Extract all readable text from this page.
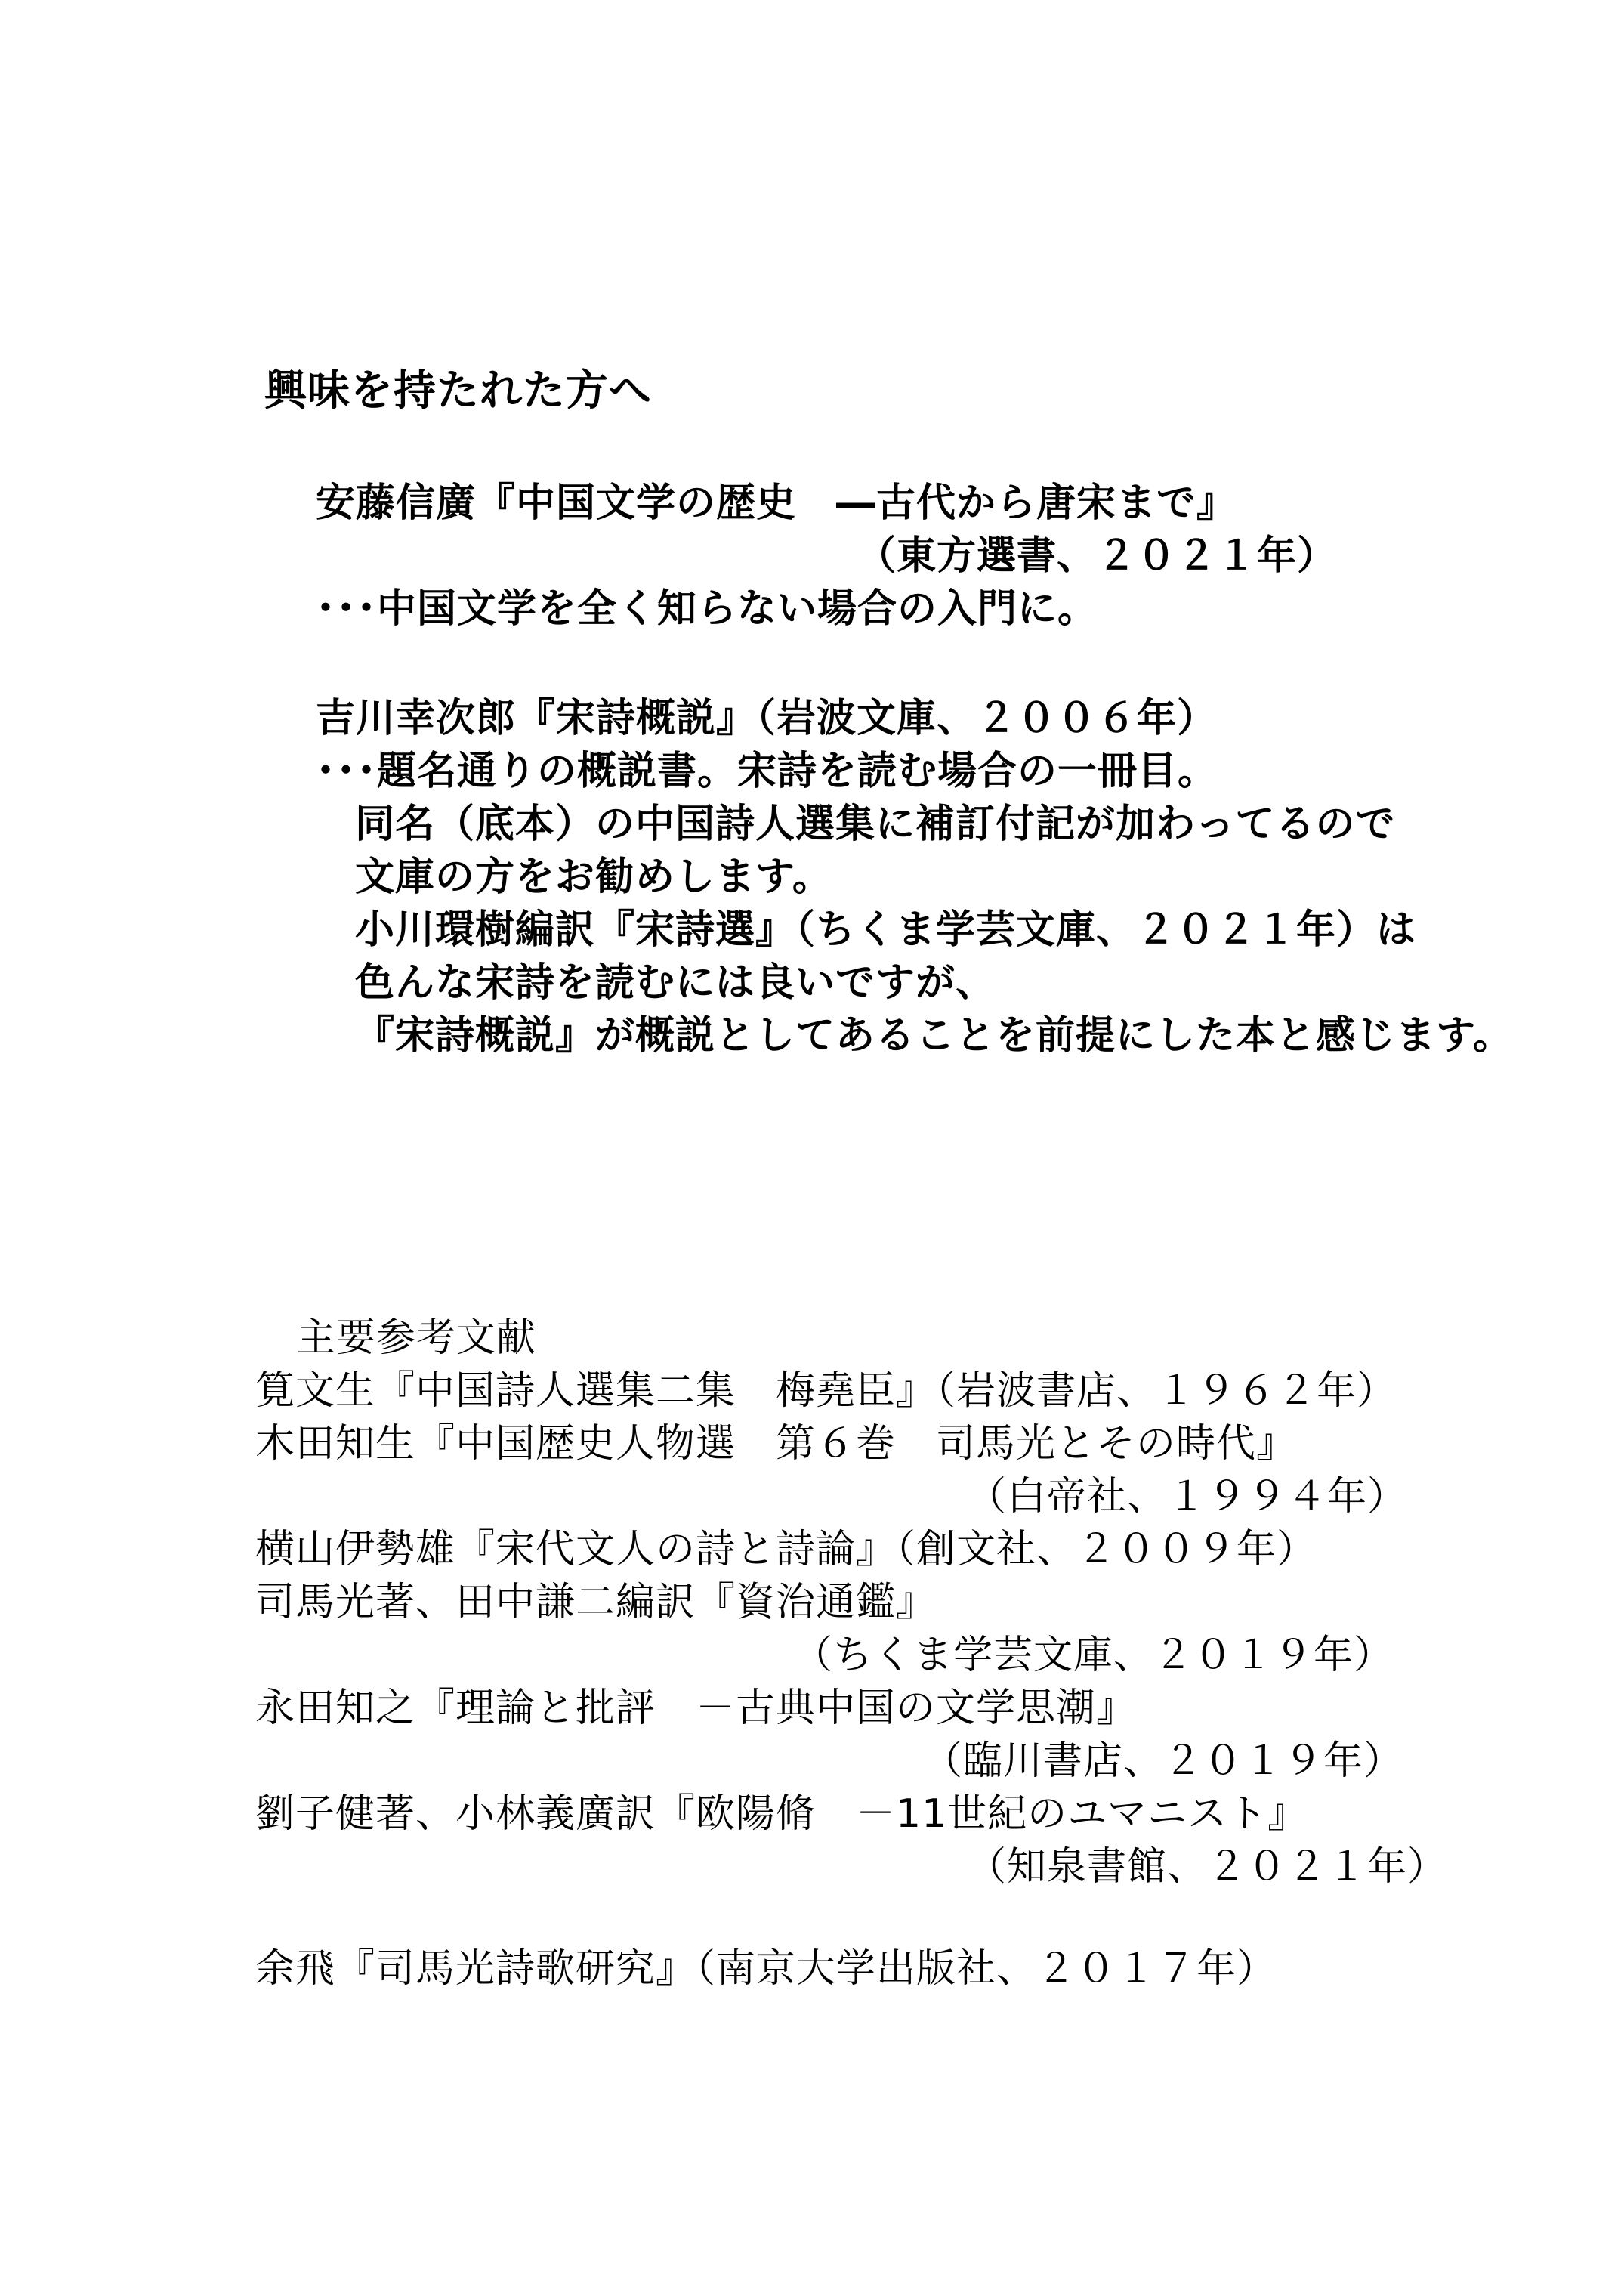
興味を持たれた方へ
安藤信廣『中国文学の歴史　―古代から唐宋まで』
（東方選書、２０２１年）
･･･中国文学を全く知らない場合の入門に。
吉川幸次郎『宋詩概説』（岩波文庫、２００６年）
･･･題名通りの概説書。宋詩を読む場合の一冊目。
同名（底本）の中国詩人選集に補訂付記が加わってるので
文庫の方をお勧めします。
小川環樹編訳『宋詩選』（ちくま学芸文庫、２０２１年）は
色んな宋詩を読むには良いですが、
『宋詩概説』が概説としてあることを前提にした本と感じます。
主要参考文献
筧文生『中国詩人選集二集　梅堯臣』（岩波書店、１９６２年）
木田知生『中国歴史人物選　第６巻　司馬光とその時代』
（白帝社、１９９４年）
横山伊勢雄『宋代文人の詩と詩論』（創文社、２００９年）
司馬光著、田中謙二編訳『資治通鑑』
（ちくま学芸文庫、２０１９年）
永田知之『理論と批評　－古典中国の文学思潮』
（臨川書店、２０１９年）
劉子健著、小林義廣訳『欧陽脩　－11世紀のユマニスト』
（知泉書館、２０２１年）
余飛『司馬光詩歌研究』（南京大学出版社、２０１７年）
